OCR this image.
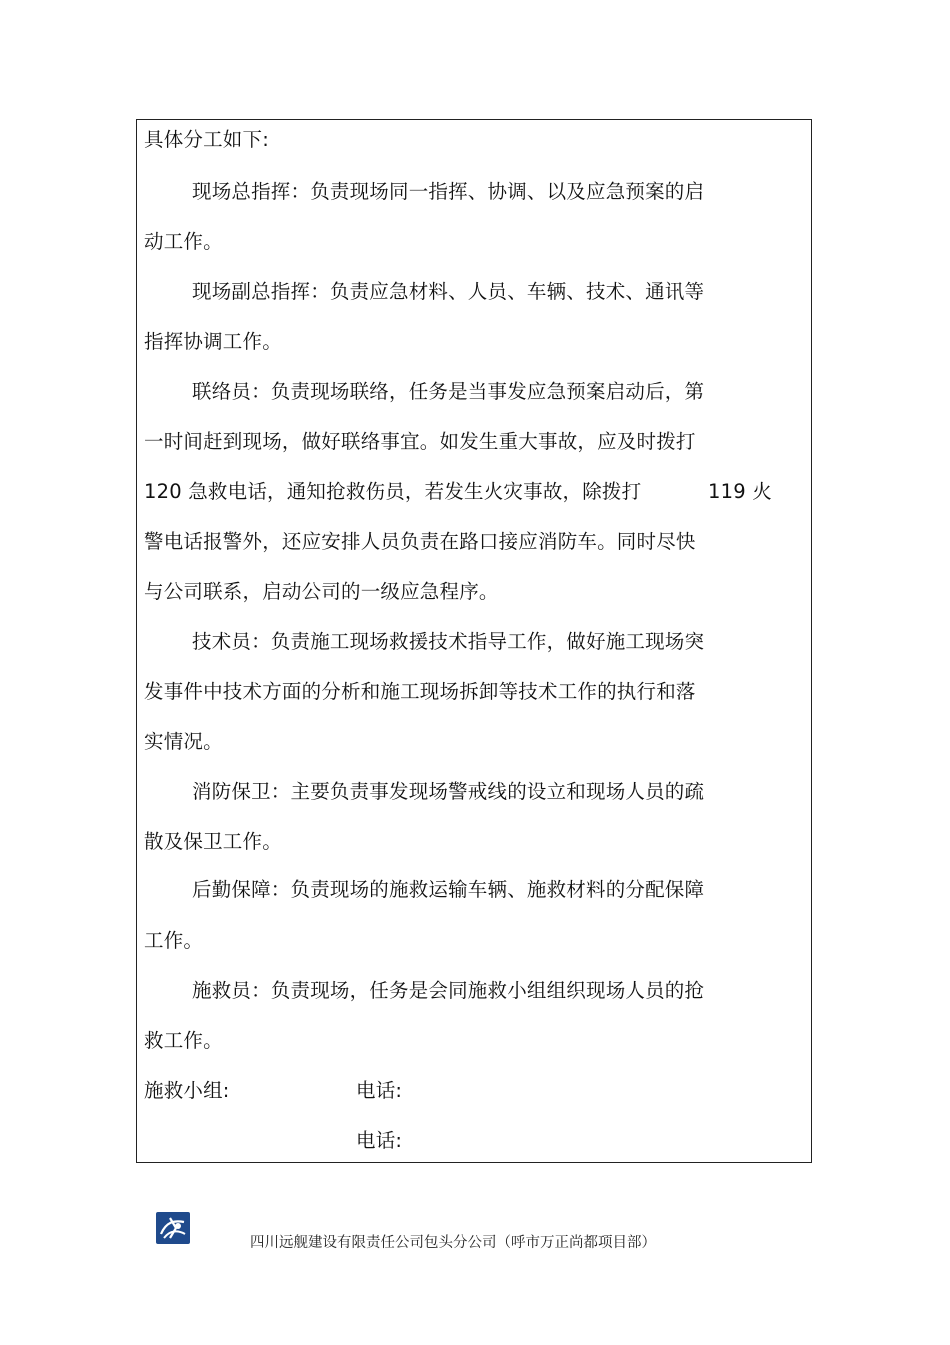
具体分工如下:
现场总指挥：负责现场同一指挥、协调、以及应急预案的启
动工作。
现场副总指挥：负责应急材料、人员、车辆、技术、通讯等
指挥协调工作。
联络员：负责现场联络，任务是当事发应急预案启动后，第
一时间赶到现场，做好联络事宜。如发生重大事故，应及时拨打
120 急救电话，通知抢救伤员，若发生火灾事故，除拨打	119 火
警电话报警外，还应安排人员负责在路口接应消防车。同时尽快
与公司联系，启动公司的一级应急程序。
技术员：负责施工现场救援技术指导工作，做好施工现场突
发事件中技术方面的分析和施工现场拆卸等技术工作的执行和落
实情况。
消防保卫：主要负责事发现场警戒线的设立和现场人员的疏
散及保卫工作。
后勤保障：负责现场的施救运输车辆、施救材料的分配保障
工作。
施救员：负责现场，任务是会同施救小组组织现场人员的抢
救工作。
施救小组:	电话:
电话:
四川远舰建设有限责任公司包头分公司（呼市万正尚都项目部）
